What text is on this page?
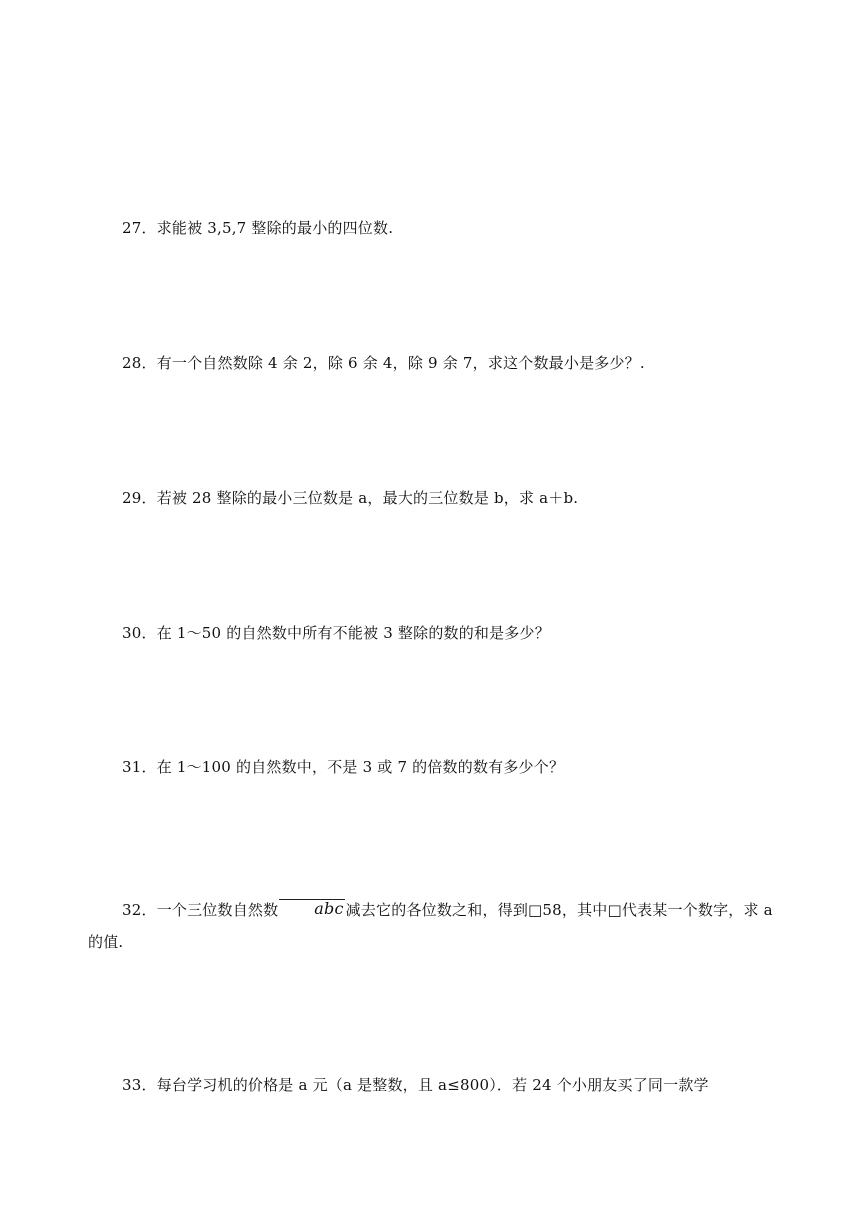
27．求能被 3,5,7 整除的最小的四位数.
28．有一个自然数除 4 余 2，除 6 余 4，除 9 余 7，求这个数最小是多少？.
29．若被 28 整除的最小三位数是 a，最大的三位数是 b，求 a＋b.
30．在 1～50 的自然数中所有不能被 3 整除的数的和是多少？
31．在 1～100 的自然数中，不是 3 或 7 的倍数的数有多少个？
32．一个三位数自然数 abc 减去它的各位数之和，得到□58，其中□代表某一个数字，求 a 的值.
33．每台学习机的价格是 a 元（a 是整数，且 a≤800）．若 24 个小朋友买了同一款学
